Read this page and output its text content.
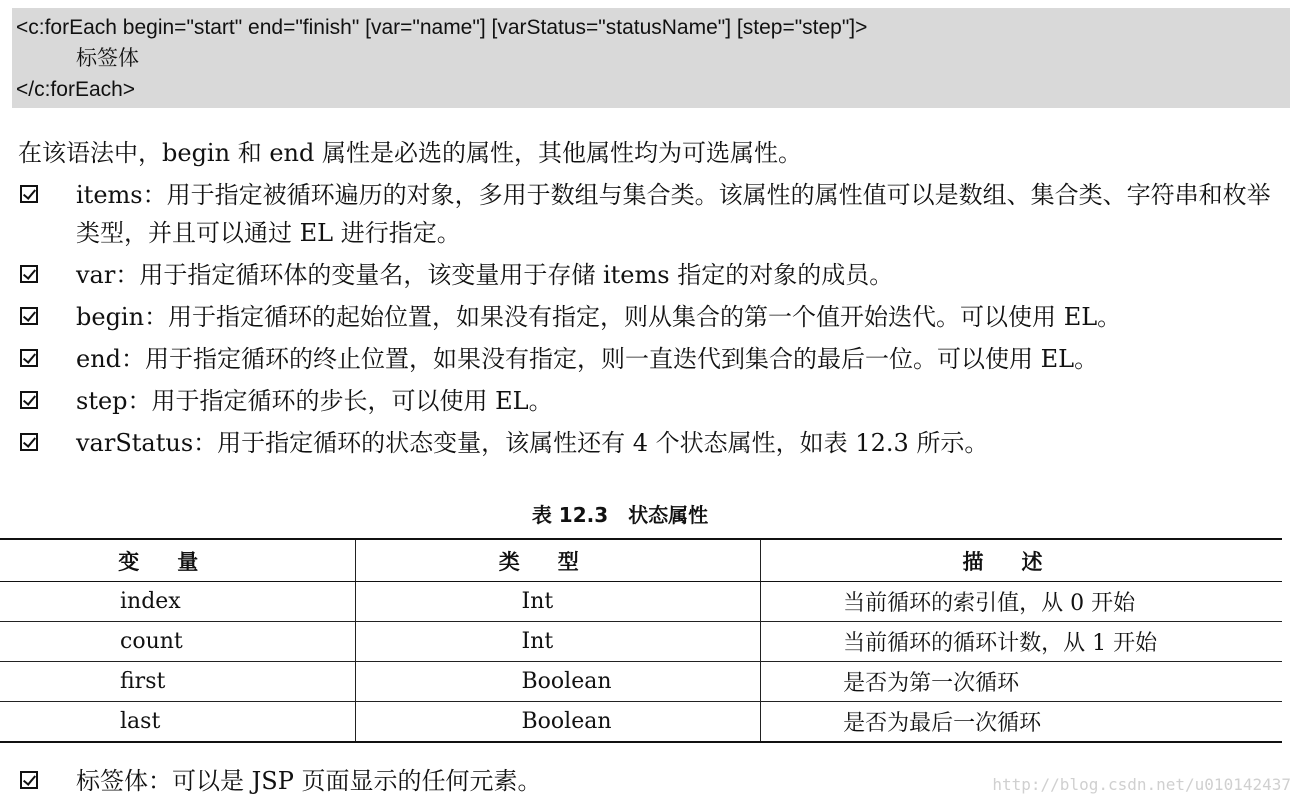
<c:forEach begin="start" end="finish" [var="name"] [varStatus="statusName"] [step="step"]>
标签体
</c:forEach>
在该语法中，begin 和 end 属性是必选的属性，其他属性均为可选属性。
items：用于指定被循环遍历的对象，多用于数组与集合类。该属性的属性值可以是数组、集合类、字符串和枚举类型，并且可以通过 EL 进行指定。
var：用于指定循环体的变量名，该变量用于存储 items 指定的对象的成员。
begin：用于指定循环的起始位置，如果没有指定，则从集合的第一个值开始迭代。可以使用 EL。
end：用于指定循环的终止位置，如果没有指定，则一直迭代到集合的最后一位。可以使用 EL。
step：用于指定循环的步长，可以使用 EL。
varStatus：用于指定循环的状态变量，该属性还有 4 个状态属性，如表 12.3 所示。
表 12.3　状态属性
变量	类型	描述
index	Int	当前循环的索引值，从 0 开始
count	Int	当前循环的循环计数，从 1 开始
first	Boolean	是否为第一次循环
last	Boolean	是否为最后一次循环
标签体：可以是 JSP 页面显示的任何元素。	http://blog.csdn.net/u010142437
